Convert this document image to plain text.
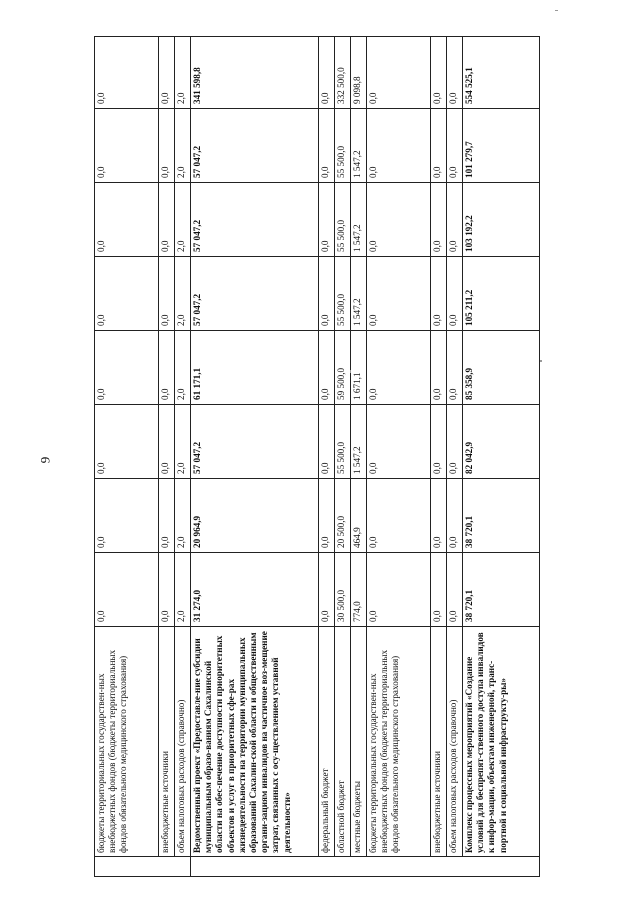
9
	бюджеты территориальных государствен-ных внебюджетных фондов (бюджеты территориальных фондов обязательного медицинского страхования)	0,0	0,0	0,0	0,0	0,0	0,0	0,0	0,0
	внебюджетные источники	0,0	0,0	0,0	0,0	0,0	0,0	0,0	0,0
	объем налоговых расходов (справочно)	2,0	2,0	2,0	2,0	2,0	2,0	2,0	2,0
	Ведомственный проект «Предоставле-ние субсидии муниципальным образо-ваниям Сахалинской области на обес-печение доступности приоритетных объектов и услуг в приоритетных сфе-рах жизнедеятельности на территории муниципальных образований Сахалин-ской области и общественным органи-зациям инвалидов на частичное воз-мещение затрат, связанных с осу-ществлением уставной деятельности»	31 274,0	20 964,9	57 047,2	61 171,1	57 047,2	57 047,2	57 047,2	341 598,8
	федеральный бюджет	0,0	0,0	0,0	0,0	0,0	0,0	0,0	0,0
	областной бюджет	30 500,0	20 500,0	55 500,0	59 500,0	55 500,0	55 500,0	55 500,0	332 500,0
	местные бюджеты	774,0	464,9	1 547,2	1 671,1	1 547,2	1 547,2	1 547,2	9 098,8
	бюджеты территориальных государствен-ных внебюджетных фондов (бюджеты территориальных фондов обязательного медицинского страхования)	0,0	0,0	0,0	0,0	0,0	0,0	0,0	0,0
	внебюджетные источники	0,0	0,0	0,0	0,0	0,0	0,0	0,0	0,0
	объем налоговых расходов (справочно)	0,0	0,0	0,0	0,0	0,0	0,0	0,0	0,0
	Комплекс процессных мероприятий «Создание условий для беспрепят-ственного доступа инвалидов к инфор-мации, объектам инженерной, транс-портной и социальной инфраструкту-ры»	38 720,1	38 720,1	82 042,9	85 358,9	105 211,2	103 192,2	101 279,7	554 525,1
